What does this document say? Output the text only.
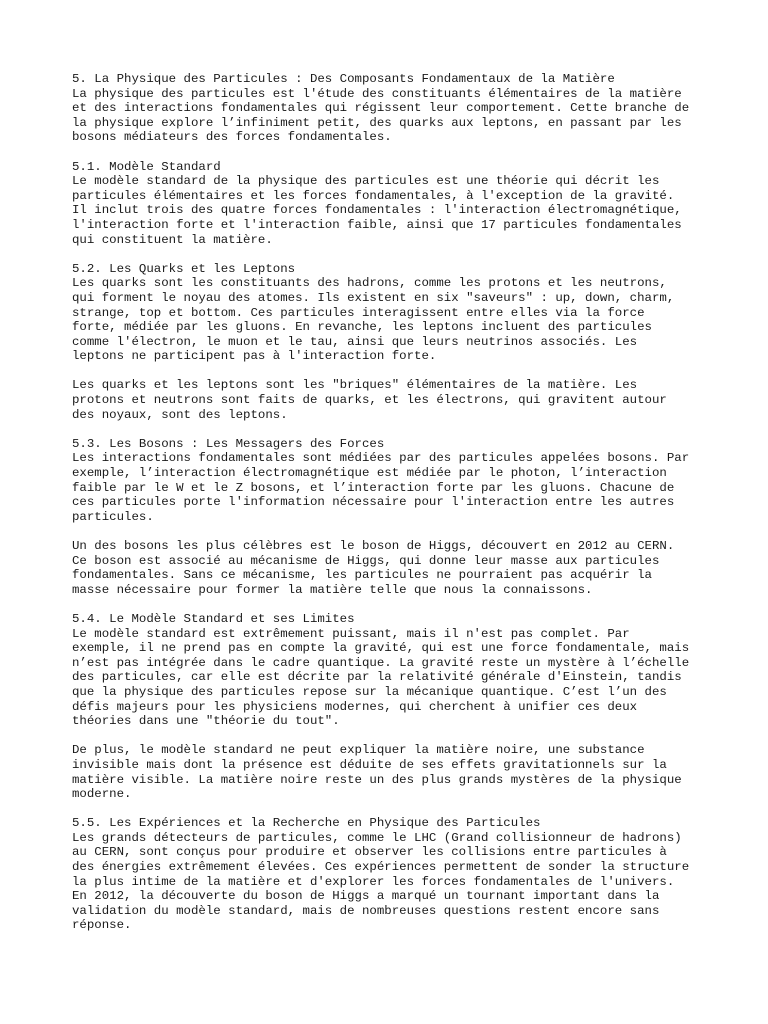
5. La Physique des Particules : Des Composants Fondamentaux de la Matière
La physique des particules est l'étude des constituants élémentaires de la matière
et des interactions fondamentales qui régissent leur comportement. Cette branche de
la physique explore l’infiniment petit, des quarks aux leptons, en passant par les
bosons médiateurs des forces fondamentales.
5.1. Modèle Standard
Le modèle standard de la physique des particules est une théorie qui décrit les
particules élémentaires et les forces fondamentales, à l'exception de la gravité.
Il inclut trois des quatre forces fondamentales : l'interaction électromagnétique,
l'interaction forte et l'interaction faible, ainsi que 17 particules fondamentales
qui constituent la matière.
5.2. Les Quarks et les Leptons
Les quarks sont les constituants des hadrons, comme les protons et les neutrons,
qui forment le noyau des atomes. Ils existent en six "saveurs" : up, down, charm,
strange, top et bottom. Ces particules interagissent entre elles via la force
forte, médiée par les gluons. En revanche, les leptons incluent des particules
comme l'électron, le muon et le tau, ainsi que leurs neutrinos associés. Les
leptons ne participent pas à l'interaction forte.
Les quarks et les leptons sont les "briques" élémentaires de la matière. Les
protons et neutrons sont faits de quarks, et les électrons, qui gravitent autour
des noyaux, sont des leptons.
5.3. Les Bosons : Les Messagers des Forces
Les interactions fondamentales sont médiées par des particules appelées bosons. Par
exemple, l’interaction électromagnétique est médiée par le photon, l’interaction
faible par le W et le Z bosons, et l’interaction forte par les gluons. Chacune de
ces particules porte l'information nécessaire pour l'interaction entre les autres
particules.
Un des bosons les plus célèbres est le boson de Higgs, découvert en 2012 au CERN.
Ce boson est associé au mécanisme de Higgs, qui donne leur masse aux particules
fondamentales. Sans ce mécanisme, les particules ne pourraient pas acquérir la
masse nécessaire pour former la matière telle que nous la connaissons.
5.4. Le Modèle Standard et ses Limites
Le modèle standard est extrêmement puissant, mais il n'est pas complet. Par
exemple, il ne prend pas en compte la gravité, qui est une force fondamentale, mais
n’est pas intégrée dans le cadre quantique. La gravité reste un mystère à l’échelle
des particules, car elle est décrite par la relativité générale d'Einstein, tandis
que la physique des particules repose sur la mécanique quantique. C’est l’un des
défis majeurs pour les physiciens modernes, qui cherchent à unifier ces deux
théories dans une "théorie du tout".
De plus, le modèle standard ne peut expliquer la matière noire, une substance
invisible mais dont la présence est déduite de ses effets gravitationnels sur la
matière visible. La matière noire reste un des plus grands mystères de la physique
moderne.
5.5. Les Expériences et la Recherche en Physique des Particules
Les grands détecteurs de particules, comme le LHC (Grand collisionneur de hadrons)
au CERN, sont conçus pour produire et observer les collisions entre particules à
des énergies extrêmement élevées. Ces expériences permettent de sonder la structure
la plus intime de la matière et d'explorer les forces fondamentales de l'univers.
En 2012, la découverte du boson de Higgs a marqué un tournant important dans la
validation du modèle standard, mais de nombreuses questions restent encore sans
réponse.
